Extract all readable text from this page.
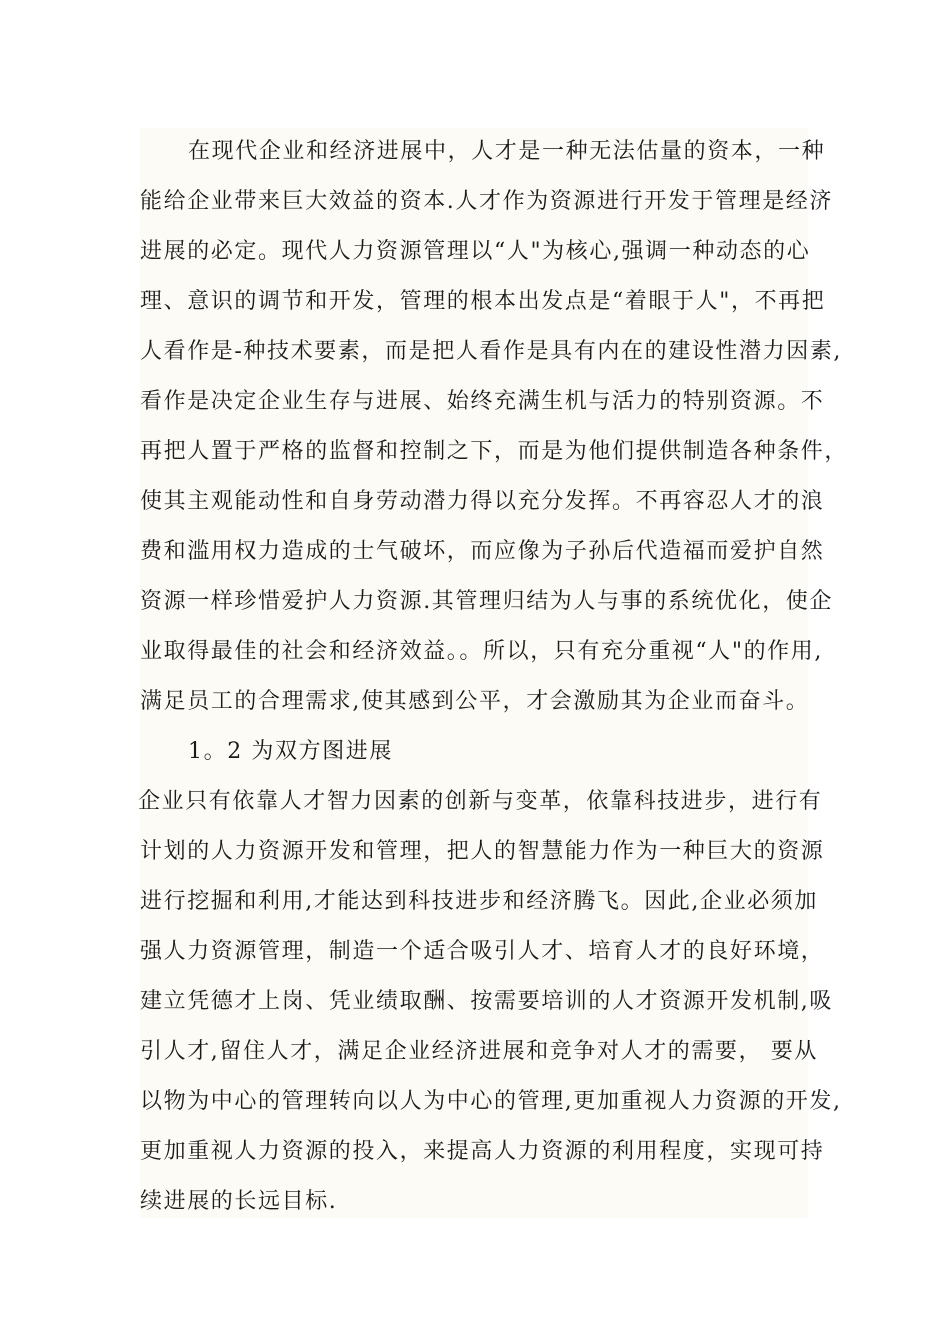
在现代企业和经济进展中，人才是一种无法估量的资本，一种
能给企业带来巨大效益的资本.人才作为资源进行开发于管理是经济
进展的必定。现代人力资源管理以“人"为核心,强调一种动态的心
理、意识的调节和开发，管理的根本出发点是“着眼于人"，不再把
人看作是-种技术要素，而是把人看作是具有内在的建设性潜力因素,
看作是决定企业生存与进展、始终充满生机与活力的特别资源。不
再把人置于严格的监督和控制之下，而是为他们提供制造各种条件，
使其主观能动性和自身劳动潜力得以充分发挥。不再容忍人才的浪
费和滥用权力造成的士气破坏，而应像为子孙后代造福而爱护自然
资源一样珍惜爱护人力资源.其管理归结为人与事的系统优化，使企
业取得最佳的社会和经济效益。。所以，只有充分重视“人"的作用,
满足员工的合理需求,使其感到公平，才会激励其为企业而奋斗。
1。2 为双方图进展
企业只有依靠人才智力因素的创新与变革，依靠科技进步，进行有
计划的人力资源开发和管理，把人的智慧能力作为一种巨大的资源
进行挖掘和利用,才能达到科技进步和经济腾飞。因此,企业必须加
强人力资源管理，制造一个适合吸引人才、培育人才的良好环境，
建立凭德才上岗、凭业绩取酬、按需要培训的人才资源开发机制,吸
引人才,留住人才，满足企业经济进展和竞争对人才的需要， 要从
以物为中心的管理转向以人为中心的管理,更加重视人力资源的开发,
更加重视人力资源的投入，来提高人力资源的利用程度，实现可持
续进展的长远目标.
